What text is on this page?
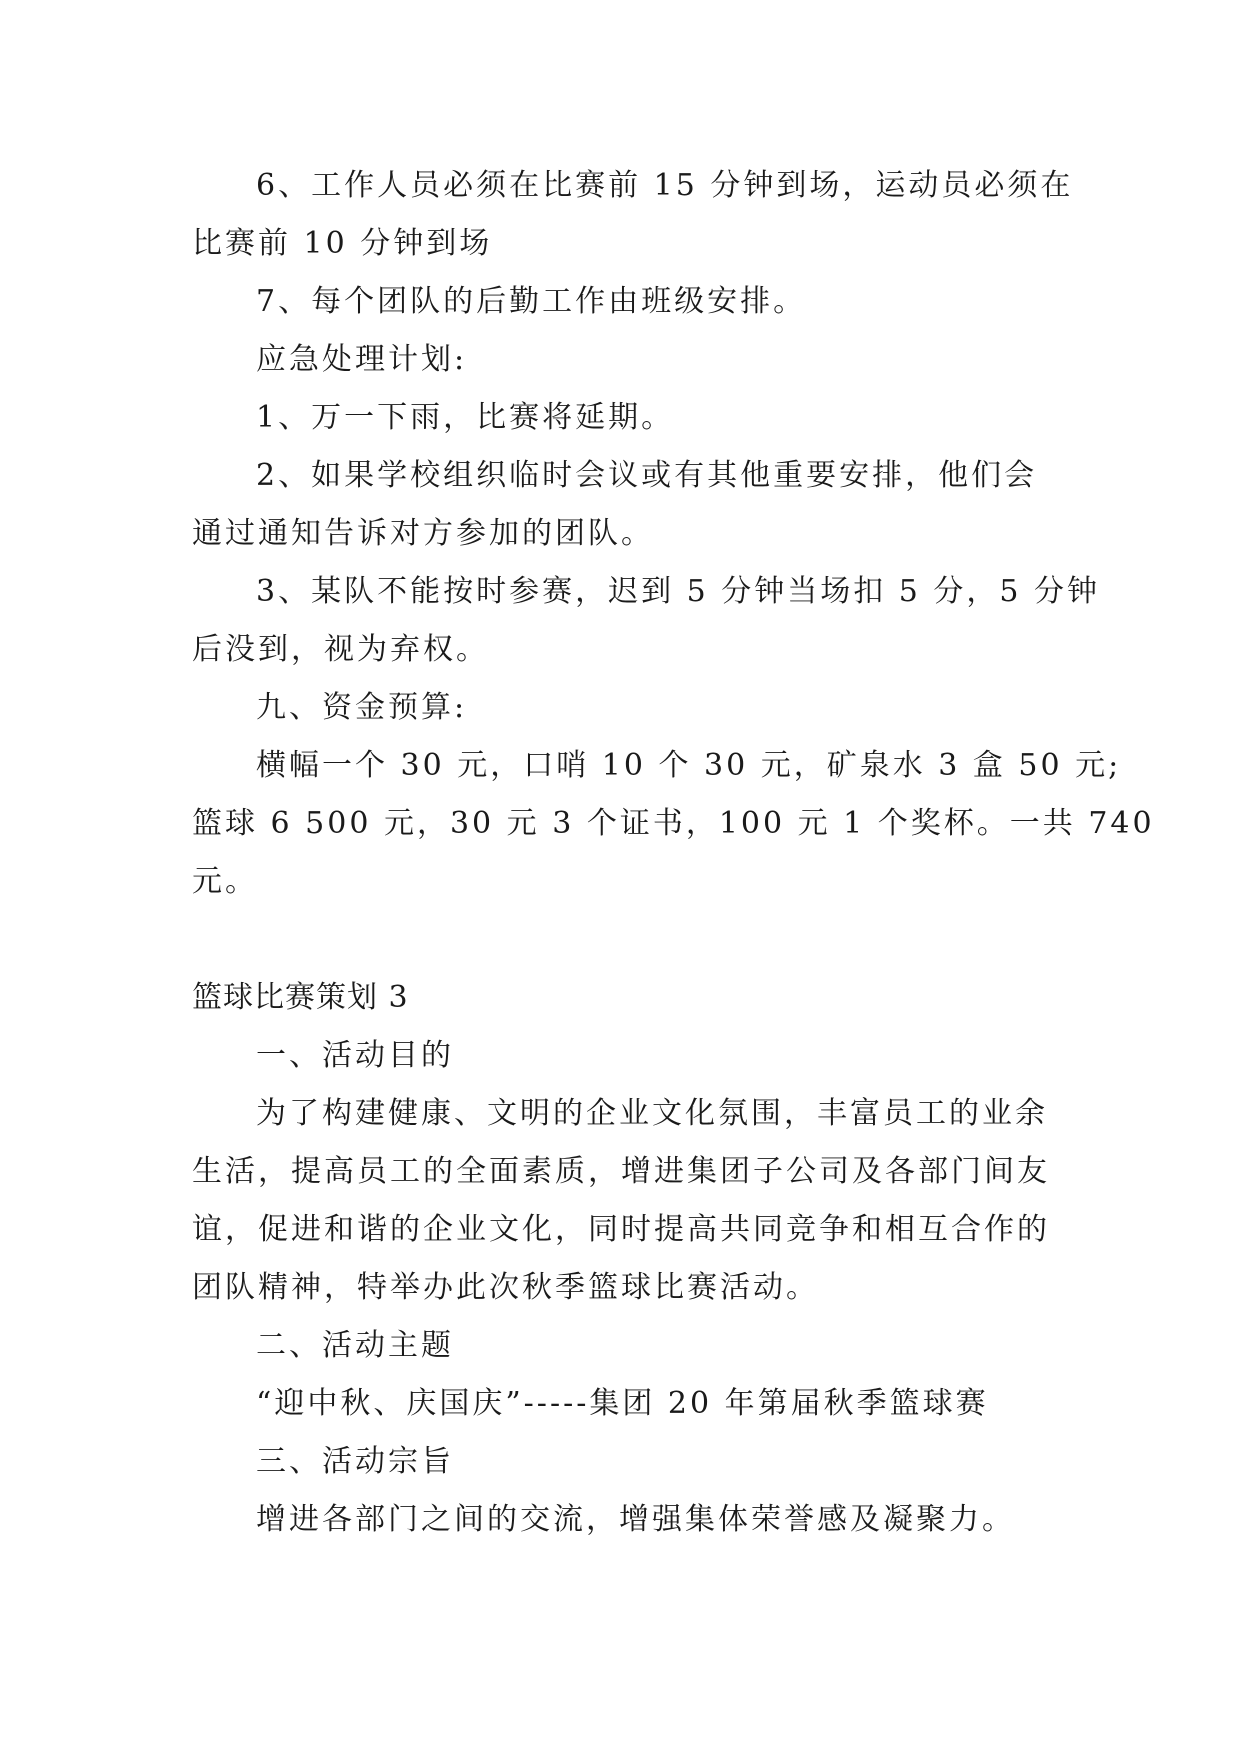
6、工作人员必须在比赛前 15 分钟到场，运动员必须在
比赛前 10 分钟到场
7、每个团队的后勤工作由班级安排。
应急处理计划:
1、万一下雨，比赛将延期。
2、如果学校组织临时会议或有其他重要安排，他们会
通过通知告诉对方参加的团队。
3、某队不能按时参赛，迟到 5 分钟当场扣 5 分，5 分钟
后没到，视为弃权。
九、资金预算:
横幅一个 30 元，口哨 10 个 30 元，矿泉水 3 盒 50 元;
篮球 6 500 元，30 元 3 个证书，100 元 1 个奖杯。一共 740
元。
篮球比赛策划 3
一、活动目的
为了构建健康、文明的企业文化氛围，丰富员工的业余
生活，提高员工的全面素质，增进集团子公司及各部门间友
谊，促进和谐的企业文化，同时提高共同竞争和相互合作的
团队精神，特举办此次秋季篮球比赛活动。
二、活动主题
“迎中秋、庆国庆”-----集团 20 年第届秋季篮球赛
三、活动宗旨
增进各部门之间的交流，增强集体荣誉感及凝聚力。
